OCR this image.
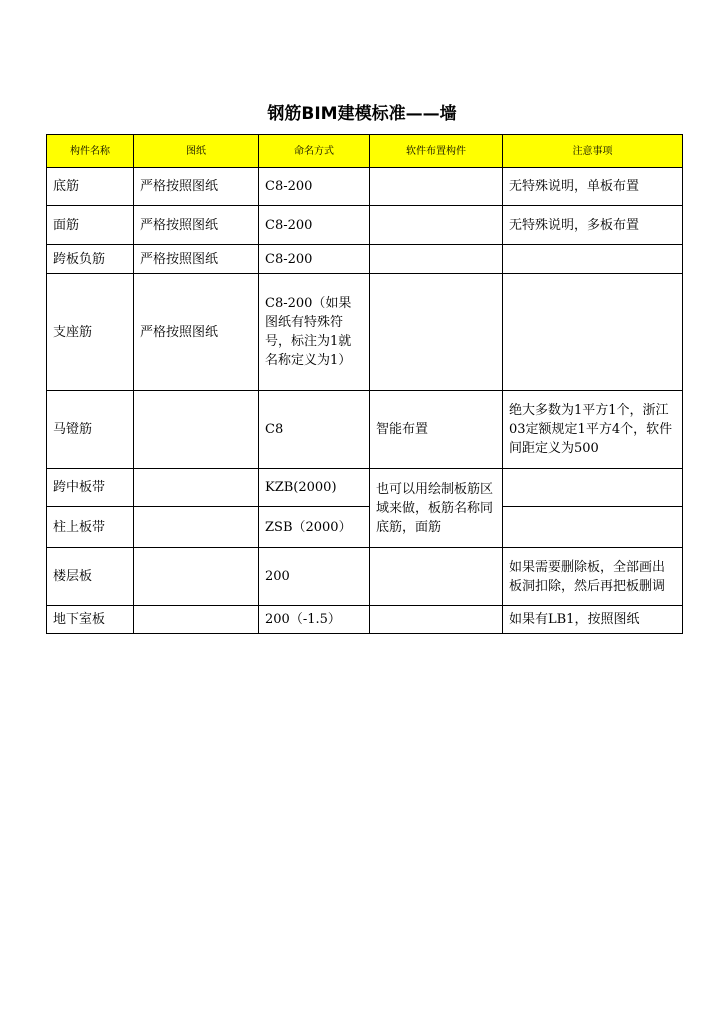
钢筋BIM建模标准——墙
构件名称	图纸	命名方式	软件布置构件	注意事项
底筋	严格按照图纸	C8-200		无特殊说明，单板布置
面筋	严格按照图纸	C8-200		无特殊说明，多板布置
跨板负筋	严格按照图纸	C8-200		
支座筋	严格按照图纸	C8-200（如果图纸有特殊符号，标注为1就名称定义为1）		
马镫筋		C8	智能布置	绝大多数为1平方1个，浙江03定额规定1平方4个，软件间距定义为500
跨中板带		KZB(2000)	也可以用绘制板筋区域来做，板筋名称同底筋，面筋	
柱上板带		ZSB（2000）		
楼层板		200		如果需要删除板，全部画出板洞扣除，然后再把板删调
地下室板		200（-1.5）		如果有LB1，按照图纸
